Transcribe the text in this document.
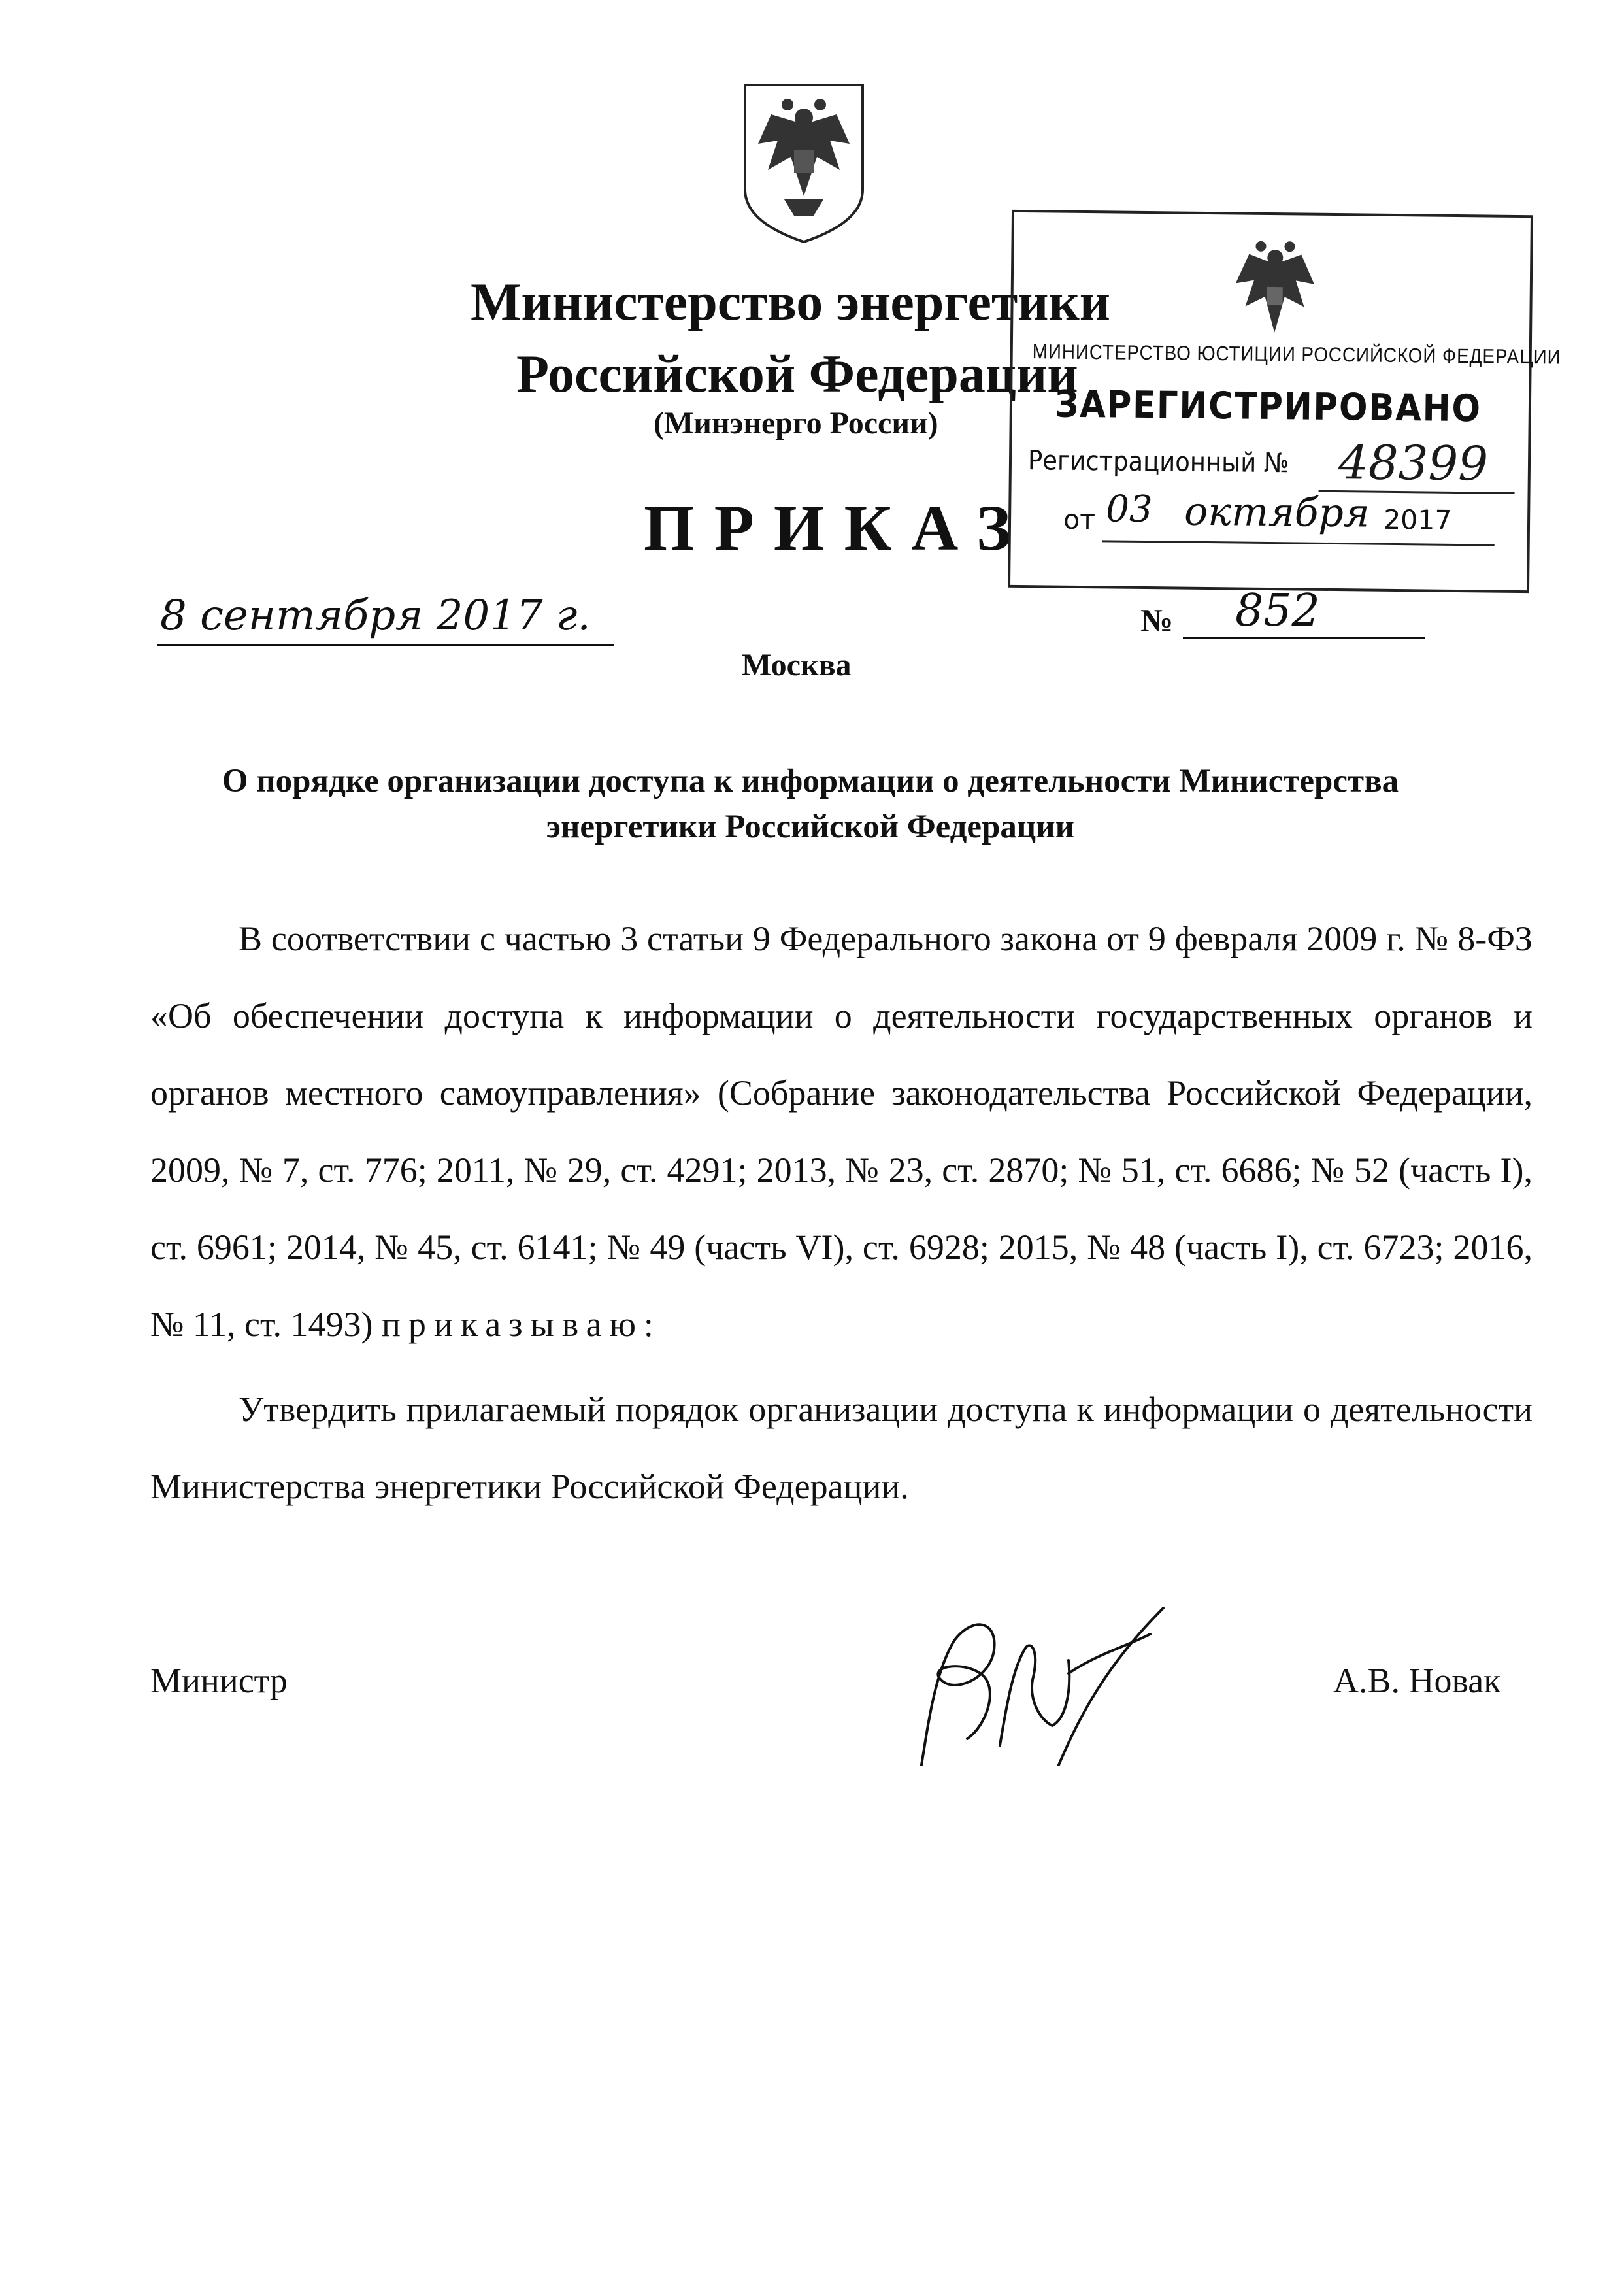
Министерство энергетики
Российской Федерации
(Минэнерго России)
ПРИКАЗ
МИНИСТЕРСТВО ЮСТИЦИИ РОССИЙСКОЙ ФЕДЕРАЦИИ
ЗАРЕГИСТРИРОВАНО
Регистрационный № 48399
от 03 октября 2017
8 сентября 2017 г.	№ 852
Москва
О порядке организации доступа к информации о деятельности Министерства энергетики Российской Федерации
В соответствии с частью 3 статьи 9 Федерального закона от 9 февраля 2009 г. № 8-ФЗ «Об обеспечении доступа к информации о деятельности государственных органов и органов местного самоуправления» (Собрание законодательства Российской Федерации, 2009, № 7, ст. 776; 2011, № 29, ст. 4291; 2013, № 23, ст. 2870; № 51, ст. 6686; № 52 (часть I), ст. 6961; 2014, № 45, ст. 6141; № 49 (часть VI), ст. 6928; 2015, № 48 (часть I), ст. 6723; 2016, № 11, ст. 1493) приказываю:
Утвердить прилагаемый порядок организации доступа к информации о деятельности Министерства энергетики Российской Федерации.
Министр	А.В. Новак
